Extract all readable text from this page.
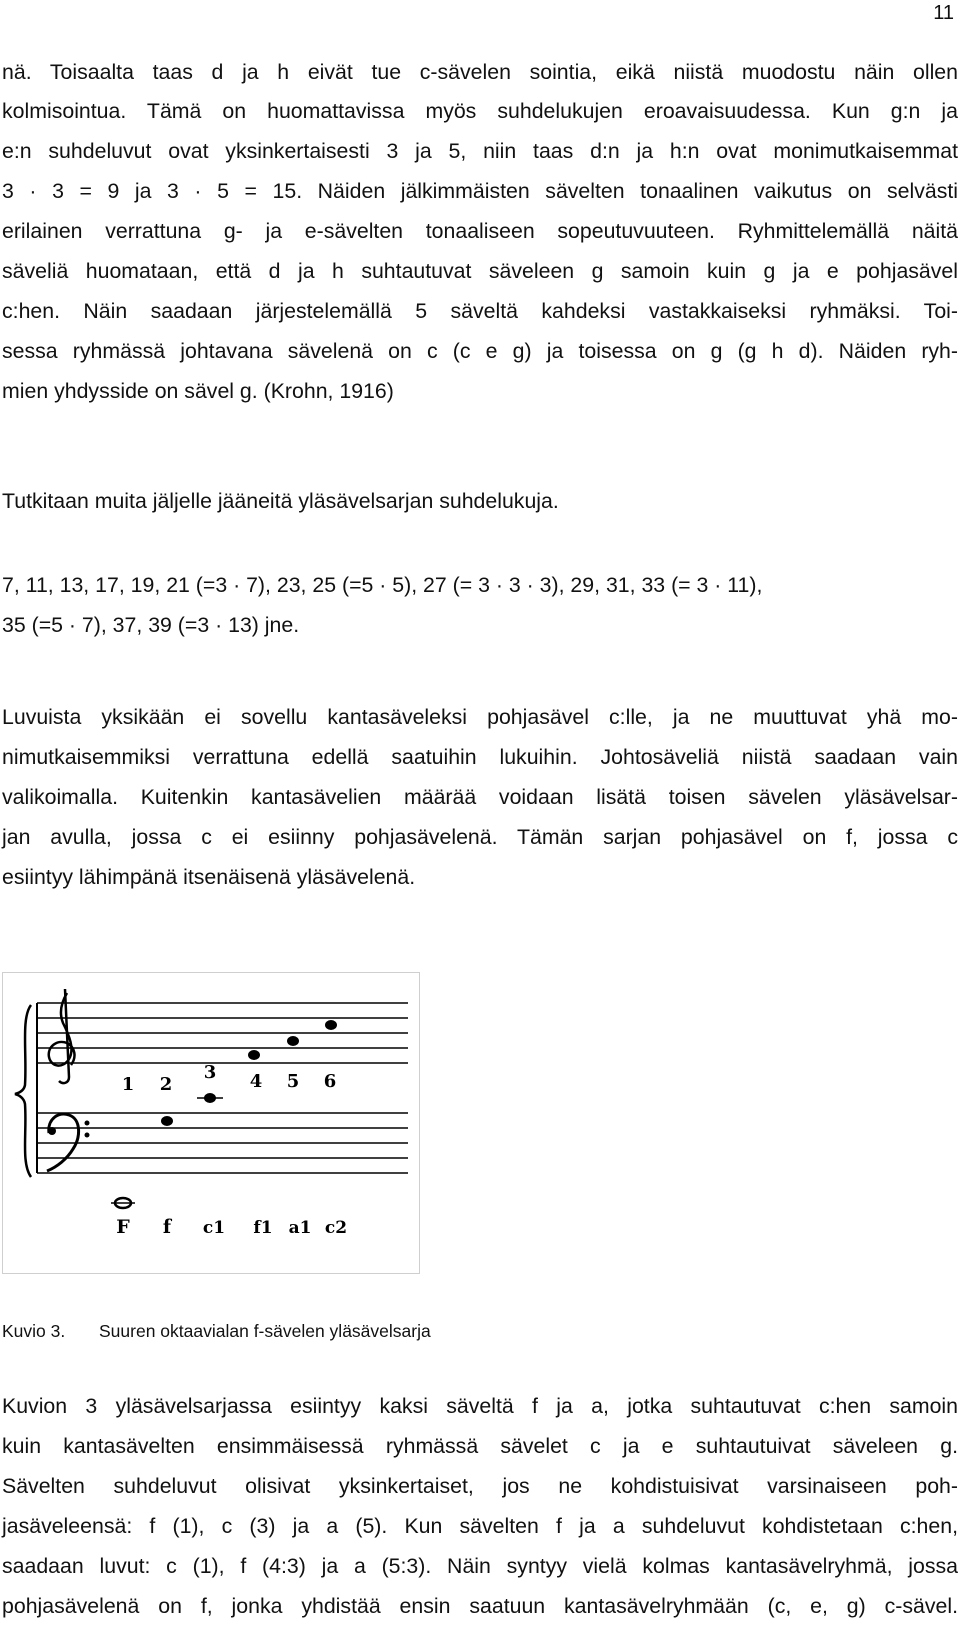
11
nä. Toisaalta taas d ja h eivät tue c-sävelen sointia, eikä niistä muodostu näin ollen
kolmisointua. Tämä on huomattavissa myös suhdelukujen eroavaisuudessa. Kun g:n ja
e:n suhdeluvut ovat yksinkertaisesti 3 ja 5, niin taas d:n ja h:n ovat monimutkaisemmat
3 · 3 = 9 ja 3 · 5 = 15. Näiden jälkimmäisten sävelten tonaalinen vaikutus on selvästi
erilainen verrattuna g- ja e-sävelten tonaaliseen sopeutuvuuteen. Ryhmittelemällä näitä
säveliä huomataan, että d ja h suhtautuvat säveleen g samoin kuin g ja e pohjasävel
c:hen. Näin saadaan järjestelemällä 5 säveltä kahdeksi vastakkaiseksi ryhmäksi. Toi-
sessa ryhmässä johtavana sävelenä on c (c e g) ja toisessa on g (g h d). Näiden ryh-
mien yhdysside on sävel g. (Krohn, 1916)
Tutkitaan muita jäljelle jääneitä yläsävelsarjan suhdelukuja.
7, 11, 13, 17, 19, 21 (=3 · 7), 23, 25 (=5 · 5), 27 (= 3 · 3 · 3), 29, 31, 33 (= 3 · 11),
35 (=5 · 7), 37, 39 (=3 · 13) jne.
Luvuista yksikään ei sovellu kantasäveleksi pohjasävel c:lle, ja ne muuttuvat yhä mo-
nimutkaisemmiksi verrattuna edellä saatuihin lukuihin. Johtosäveliä niistä saadaan vain
valikoimalla. Kuitenkin kantasävelien määrää voidaan lisätä toisen sävelen yläsävelsar-
jan avulla, jossa c ei esiinny pohjasävelenä. Tämän sarjan pohjasävel on f, jossa c
esiintyy lähimpänä itsenäisenä yläsävelenä.
1 2
3 4 5 6
F f c1 f1 a1 c2
Kuvio 3. Suuren oktaavialan f-sävelen yläsävelsarja
Kuvion 3 yläsävelsarjassa esiintyy kaksi säveltä f ja a, jotka suhtautuvat c:hen samoin
kuin kantasävelten ensimmäisessä ryhmässä sävelet c ja e suhtautuivat säveleen g.
Sävelten suhdeluvut olisivat yksinkertaiset, jos ne kohdistuisivat varsinaiseen poh-
jasäveleensä: f (1), c (3) ja a (5). Kun sävelten f ja a suhdeluvut kohdistetaan c:hen,
saadaan luvut: c (1), f (4:3) ja a (5:3). Näin syntyy vielä kolmas kantasävelryhmä, jossa
pohjasävelenä on f, jonka yhdistää ensin saatuun kantasävelryhmään (c, e, g) c-sävel.
